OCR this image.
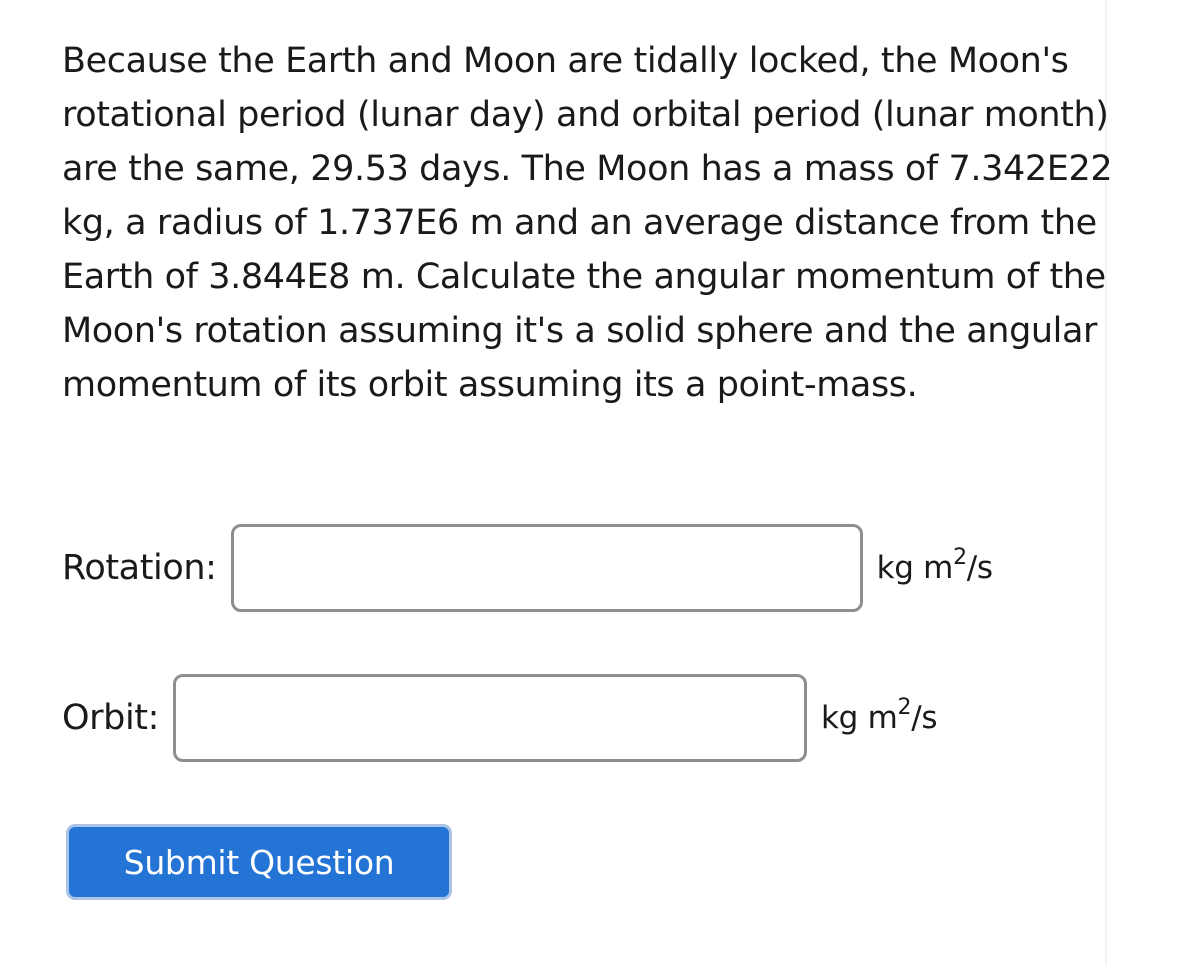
Because the Earth and Moon are tidally locked, the Moon's rotational period (lunar day) and orbital period (lunar month) are the same, 29.53 days. The Moon has a mass of 7.342E22 kg, a radius of 1.737E6 m and an average distance from the Earth of 3.844E8 m. Calculate the angular momentum of the Moon's rotation assuming it's a solid sphere and the angular momentum of its orbit assuming its a point-mass.

Rotation:	kg $m^2/s$
Orbit:	kg $m^2/s$
Submit Question
